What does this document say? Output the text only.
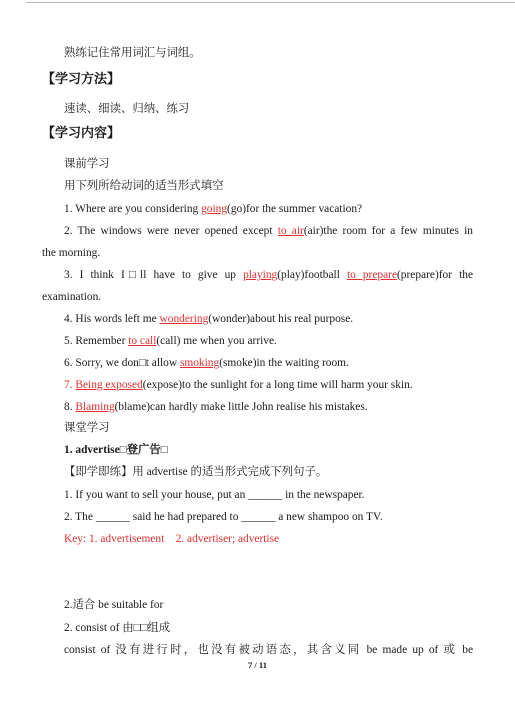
熟练记住常用词汇与词组。
【学习方法】
速读、细读、归纳、练习
【学习内容】
课前学习
用下列所给动词的适当形式填空
1. Where are you considering going(go)for the summer vacation?
2. The windows were never opened except to air(air)the room for a few minutes in
the morning.
3. I think I□ll have to give up playing(play)football to prepare(prepare)for the
examination.
4. His words left me wondering(wonder)about his real purpose.
5. Remember to call(call) me when you arrive.
6. Sorry, we don□t allow smoking(smoke)in the waiting room.
7. Being exposed(expose)to the sunlight for a long time will harm your skin.
8. Blaming(blame)can hardly make little John realise his mistakes.
课堂学习
1. advertise□登广告□
【即学即练】用 advertise 的适当形式完成下列句子。
1. If you want to sell your house, put an ______ in the newspaper.
2. The ______ said he had prepared to ______ a new shampoo on TV.
Key: 1. advertisement    2. advertiser; advertise
2.适合 be suitable for
2. consist of 由□□组成
consist of 没有进行时，也没有被动语态，其含义同 be made up of 或 be
7 / 11
